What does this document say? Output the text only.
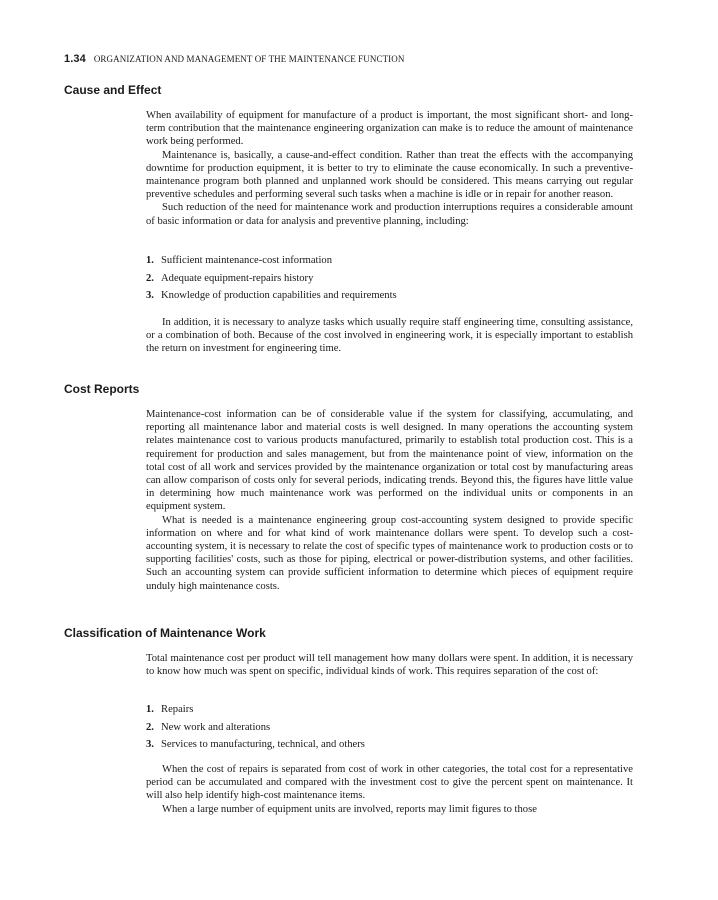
1.34 ORGANIZATION AND MANAGEMENT OF THE MAINTENANCE FUNCTION
Cause and Effect

When availability of equipment for manufacture of a product is important, the most significant short- and long-term contribution that the maintenance engineering organization can make is to reduce the amount of maintenance work being performed.

Maintenance is, basically, a cause-and-effect condition. Rather than treat the effects with the accompanying downtime for production equipment, it is better to try to eliminate the cause economically. In such a preventive-maintenance program both planned and unplanned work should be considered. This means carrying out regular preventive schedules and performing several such tasks when a machine is idle or in repair for another reason.

Such reduction of the need for maintenance work and production interruptions requires a considerable amount of basic information or data for analysis and preventive planning, including:

1. Sufficient maintenance-cost information
2. Adequate equipment-repairs history
3. Knowledge of production capabilities and requirements

In addition, it is necessary to analyze tasks which usually require staff engineering time, consulting assistance, or a combination of both. Because of the cost involved in engineering work, it is especially important to establish the return on investment for engineering time.

Cost Reports

Maintenance-cost information can be of considerable value if the system for classifying, accumulating, and reporting all maintenance labor and material costs is well designed. In many operations the accounting system relates maintenance cost to various products manufactured, primarily to establish total production cost. This is a requirement for production and sales management, but from the maintenance point of view, information on the total cost of all work and services provided by the maintenance organization or total cost by manufacturing areas can allow comparison of costs only for several periods, indicating trends. Beyond this, the figures have little value in determining how much maintenance work was performed on the individual units or components in an equipment system.

What is needed is a maintenance engineering group cost-accounting system designed to provide specific information on where and for what kind of work maintenance dollars were spent. To develop such a cost-accounting system, it is necessary to relate the cost of specific types of maintenance work to production costs or to supporting facilities' costs, such as those for piping, electrical or power-distribution systems, and other facilities. Such an accounting system can provide sufficient information to determine which pieces of equipment require unduly high maintenance costs.

Classification of Maintenance Work

Total maintenance cost per product will tell management how many dollars were spent. In addition, it is necessary to know how much was spent on specific, individual kinds of work. This requires separation of the cost of:

1. Repairs
2. New work and alterations
3. Services to manufacturing, technical, and others

When the cost of repairs is separated from cost of work in other categories, the total cost for a representative period can be accumulated and compared with the investment cost to give the percent spent on maintenance. It will also help identify high-cost maintenance items.

When a large number of equipment units are involved, reports may limit figures to those
